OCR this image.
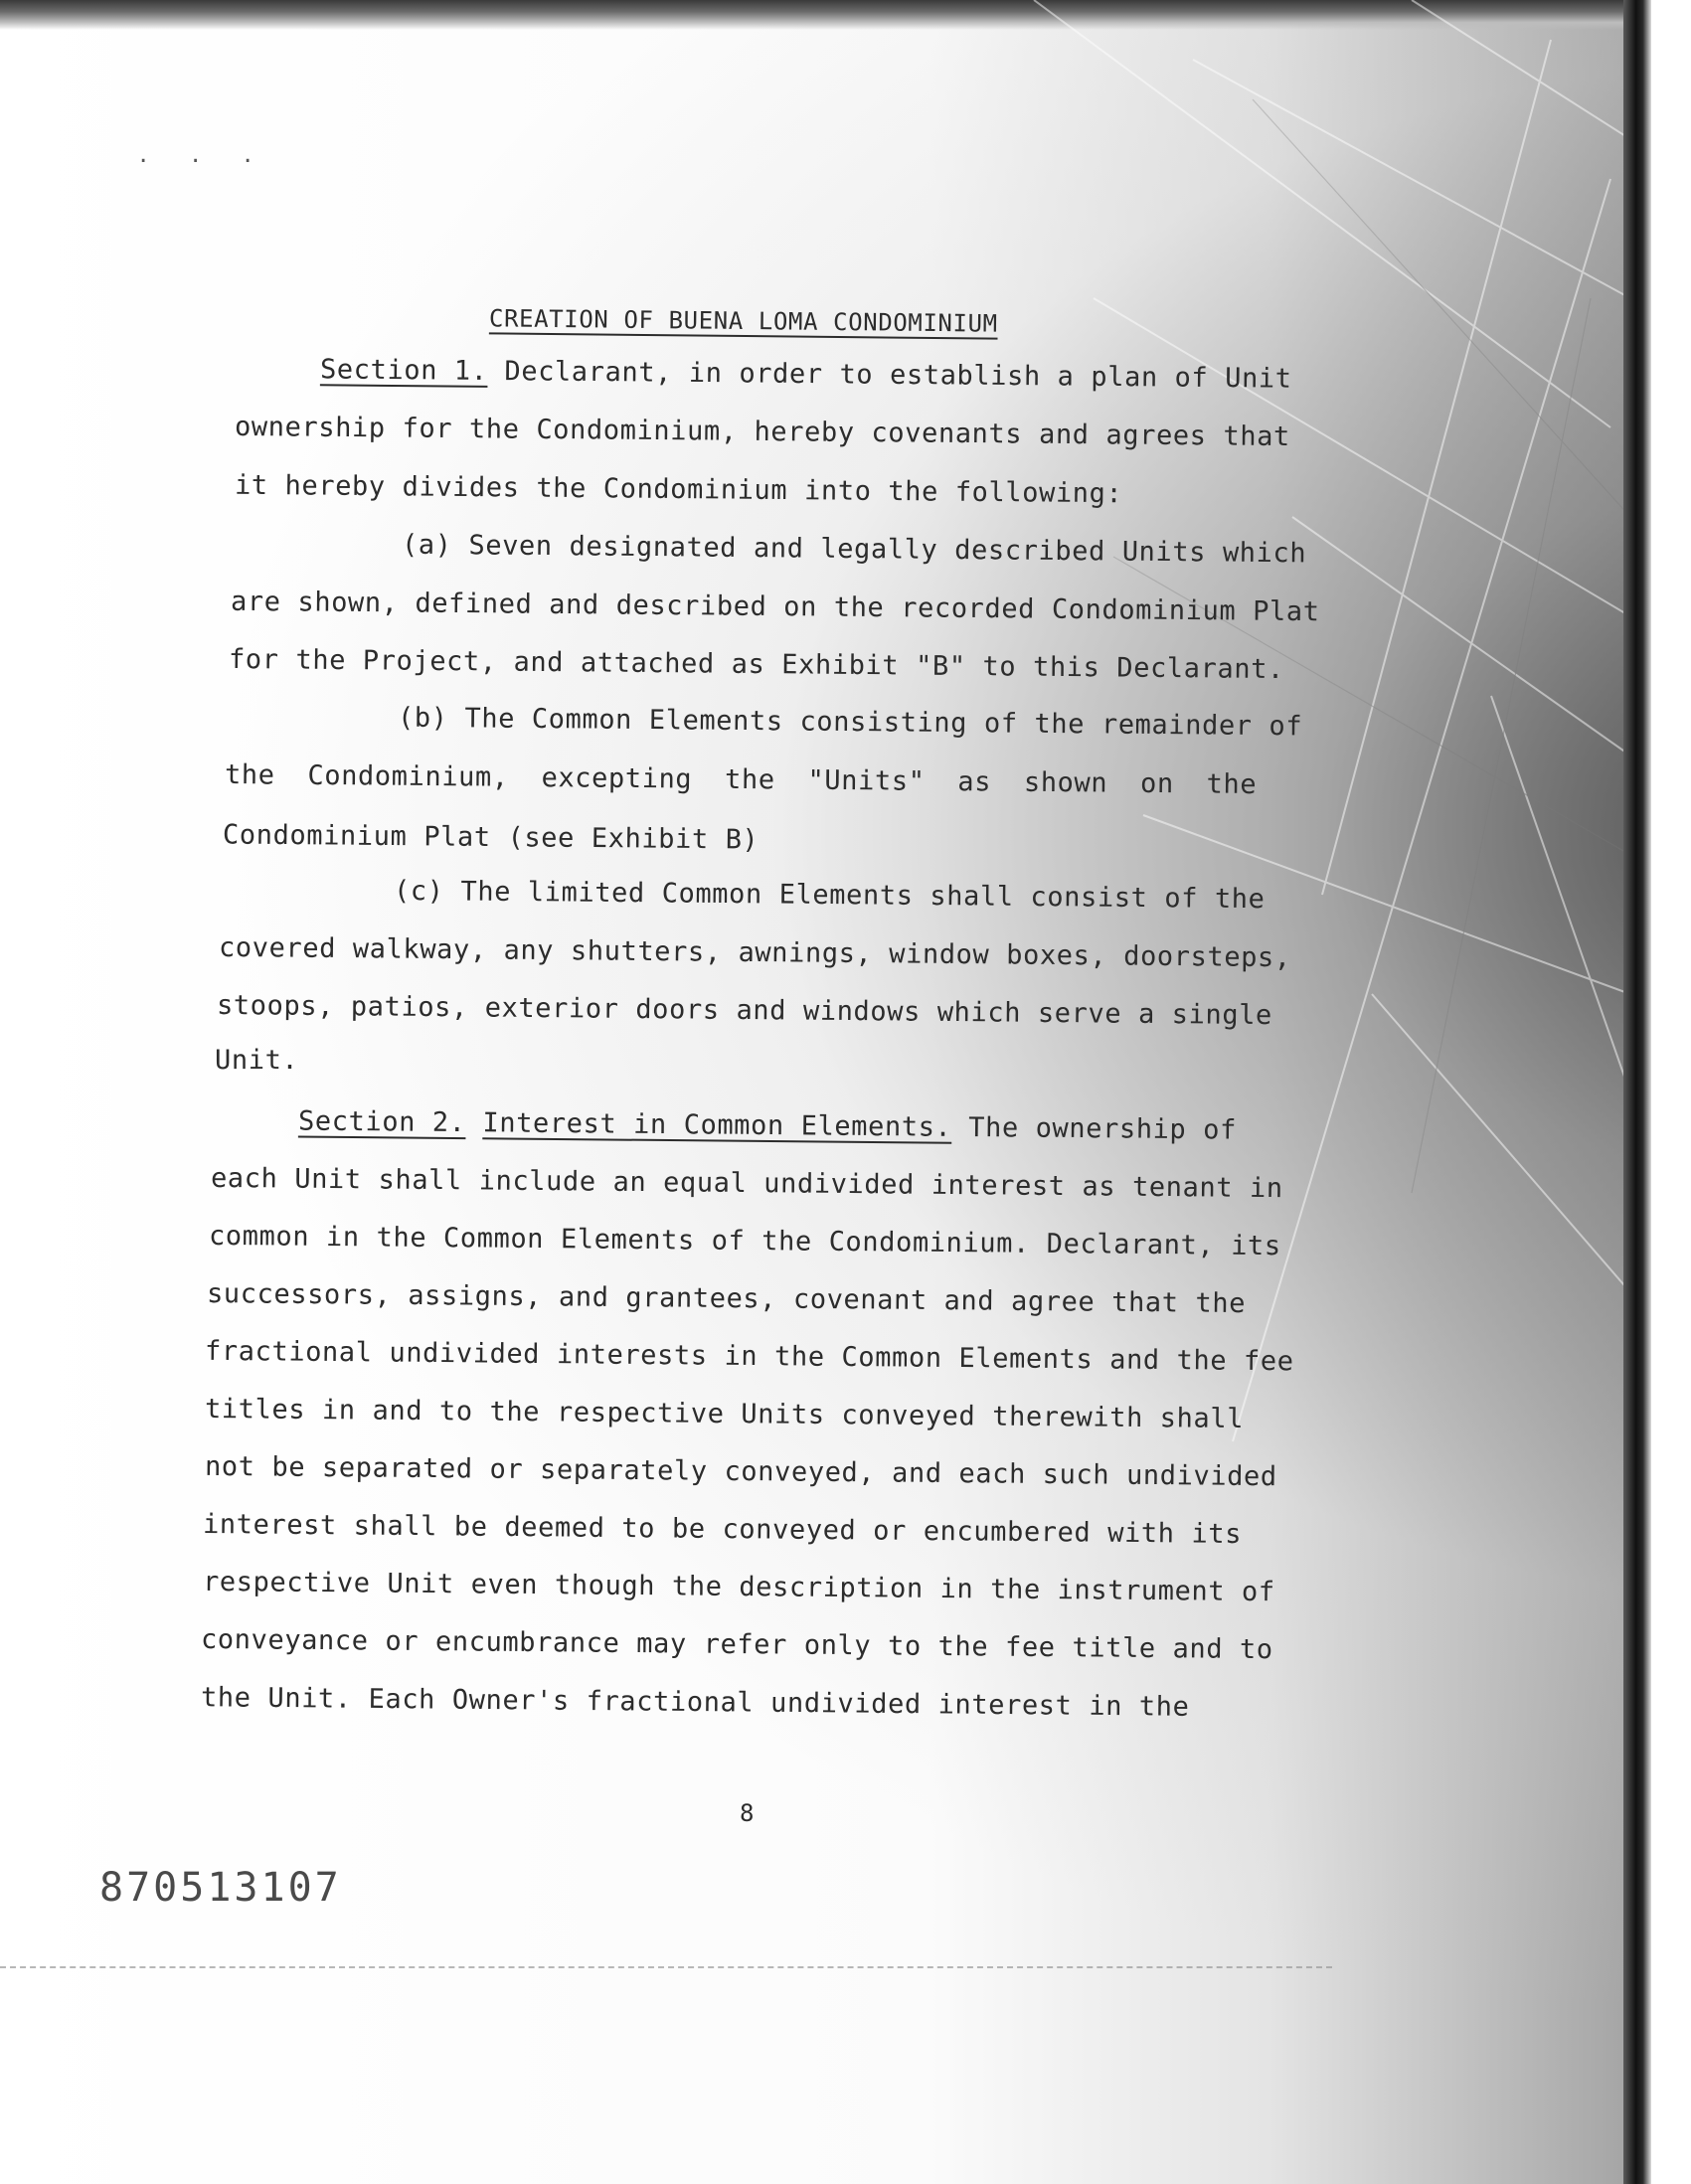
. . .
CREATION OF BUENA LOMA CONDOMINIUM
Section 1. Declarant, in order to establish a plan of Unit
ownership for the Condominium, hereby covenants and agrees that
it hereby divides the Condominium into the following:
(a) Seven designated and legally described Units which
are shown, defined and described on the recorded Condominium Plat
for the Project, and attached as Exhibit "B" to this Declarant.
(b) The Common Elements consisting of the remainder of
the Condominium, excepting the "Units" as shown on the
Condominium Plat (see Exhibit B)
(c) The limited Common Elements shall consist of the
covered walkway, any shutters, awnings, window boxes, doorsteps,
stoops, patios, exterior doors and windows which serve a single
Unit.
Section 2. Interest in Common Elements. The ownership of
each Unit shall include an equal undivided interest as tenant in
common in the Common Elements of the Condominium. Declarant, its
successors, assigns, and grantees, covenant and agree that the
fractional undivided interests in the Common Elements and the fee
titles in and to the respective Units conveyed therewith shall
not be separated or separately conveyed, and each such undivided
interest shall be deemed to be conveyed or encumbered with its
respective Unit even though the description in the instrument of
conveyance or encumbrance may refer only to the fee title and to
the Unit. Each Owner's fractional undivided interest in the
8
870513107
